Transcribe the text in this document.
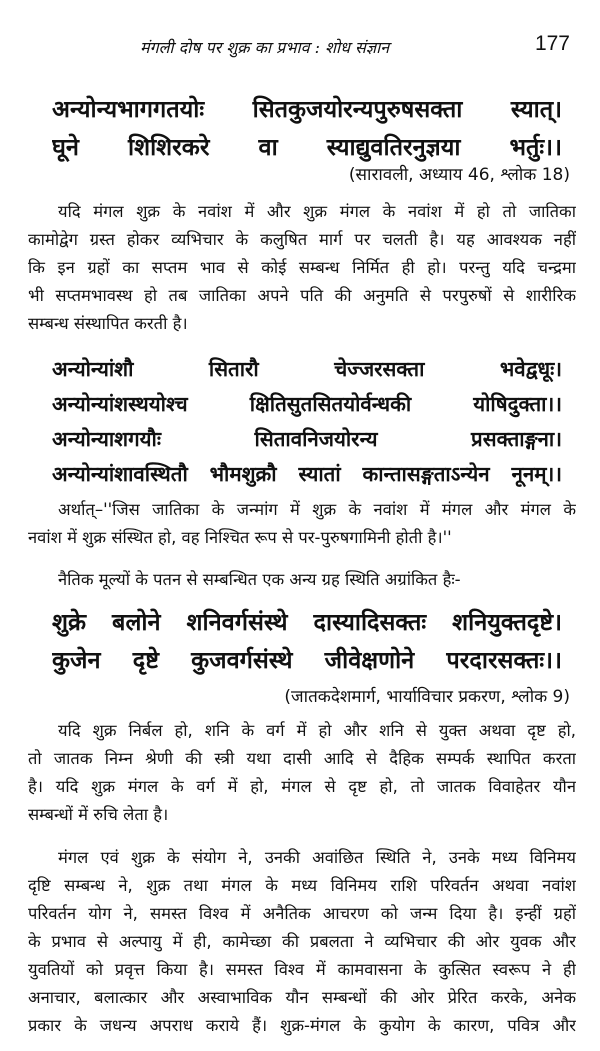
मंगली दोष पर शुक्र का प्रभाव : शोध संज्ञान	177
अन्योन्यभागगतयोः सितकुजयोरन्यपुरुषसक्ता स्यात्।
घूने शिशिरकरे वा स्याद्युवतिरनुज्ञया भर्तुः।।
(सारावली, अध्याय 46, श्लोक 18)
यदि मंगल शुक्र के नवांश में और शुक्र मंगल के नवांश में हो तो जातिका
कामोद्वेग ग्रस्त होकर व्यभिचार के कलुषित मार्ग पर चलती है। यह आवश्यक नहीं
कि इन ग्रहों का सप्तम भाव से कोई सम्बन्ध निर्मित ही हो। परन्तु यदि चन्द्रमा
भी सप्तमभावस्थ हो तब जातिका अपने पति की अनुमति से परपुरुषों से शारीरिक
सम्बन्ध संस्थापित करती है।
अन्योन्यांशौ सितारौ चेज्जरसक्ता भवेद्वधूः।
अन्योन्यांशस्थयोश्च क्षितिसुतसितयोर्वन्धकी योषिदुक्ता।।
अन्योन्याशगयौः सितावनिजयोरन्य प्रसक्ताङ्गना।
अन्योन्यांशावस्थितौ भौमशुक्रौ स्यातां कान्तासङ्गताऽन्येन नूनम्।।
अर्थात्–''जिस जातिका के जन्मांग में शुक्र के नवांश में मंगल और मंगल के
नवांश में शुक्र संस्थित हो, वह निश्चित रूप से पर-पुरुषगामिनी होती है।''
नैतिक मूल्यों के पतन से सम्बन्धित एक अन्य ग्रह स्थिति अग्रांकित हैः-
शुक्रे बलोने शनिवर्गसंस्थे दास्यादिसक्तः शनियुक्तदृष्टे।
कुजेन दृष्टे कुजवर्गसंस्थे जीवेक्षणोने परदारसक्तः।।
(जातकदेशमार्ग, भार्याविचार प्रकरण, श्लोक 9)
यदि शुक्र निर्बल हो, शनि के वर्ग में हो और शनि से युक्त अथवा दृष्ट हो,
तो जातक निम्न श्रेणी की स्त्री यथा दासी आदि से दैहिक सम्पर्क स्थापित करता
है। यदि शुक्र मंगल के वर्ग में हो, मंगल से दृष्ट हो, तो जातक विवाहेतर यौन
सम्बन्धों में रुचि लेता है।
मंगल एवं शुक्र के संयोग ने, उनकी अवांछित स्थिति ने, उनके मध्य विनिमय
दृष्टि सम्बन्ध ने, शुक्र तथा मंगल के मध्य विनिमय राशि परिवर्तन अथवा नवांश
परिवर्तन योग ने, समस्त विश्व में अनैतिक आचरण को जन्म दिया है। इन्हीं ग्रहों
के प्रभाव से अल्पायु में ही, कामेच्छा की प्रबलता ने व्यभिचार की ओर युवक और
युवतियों को प्रवृत्त किया है। समस्त विश्व में कामवासना के कुत्सित स्वरूप ने ही
अनाचार, बलात्कार और अस्वाभाविक यौन सम्बन्धों की ओर प्रेरित करके, अनेक
प्रकार के जधन्य अपराध कराये हैं। शुक्र-मंगल के कुयोग के कारण, पवित्र और
